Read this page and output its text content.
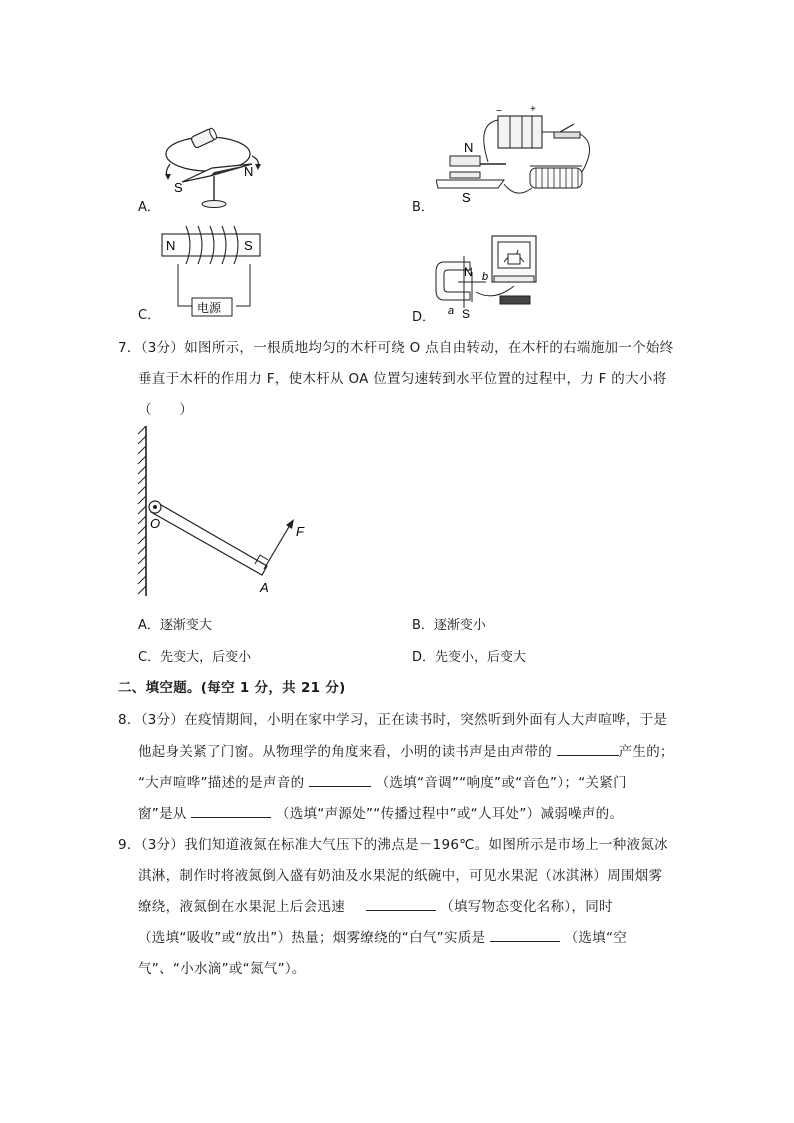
S
N
A．
−	+
N
S
B．
N	S
电源
C．
N
S
a
b
D．
7．（3分）如图所示，一根质地均匀的木杆可绕 O 点自由转动，在木杆的右端施加一个始终
垂直于木杆的作用力 F，使木杆从 OA 位置匀速转到水平位置的过程中，力 F 的大小将
（　　）
O
A
F
A．逐渐变大	B．逐渐变小
C．先变大，后变小	D．先变小，后变大
二、填空题。(每空 1 分，共 21 分)
8．（3分）在疫情期间，小明在家中学习，正在读书时，突然听到外面有人大声喧哗，于是
他起身关紧了门窗。从物理学的角度来看，小明的读书声是由声带的	产生的；
“大声喧哗”描述的是声音的	（选填“音调”“响度”或“音色”）；“关紧门
窗”是从	（选填“声源处”“传播过程中”或“人耳处”）减弱噪声的。
9．（3分）我们知道液氮在标准大气压下的沸点是－196℃。如图所示是市场上一种液氮冰
淇淋，制作时将液氮倒入盛有奶油及水果泥的纸碗中，可见水果泥（冰淇淋）周围烟雾
缭绕，液氮倒在水果泥上后会迅速	（填写物态变化名称），同时
（选填“吸收”或“放出”）热量；烟雾缭绕的“白气”实质是	（选填“空
气”、“小水滴”或“氮气”）。
